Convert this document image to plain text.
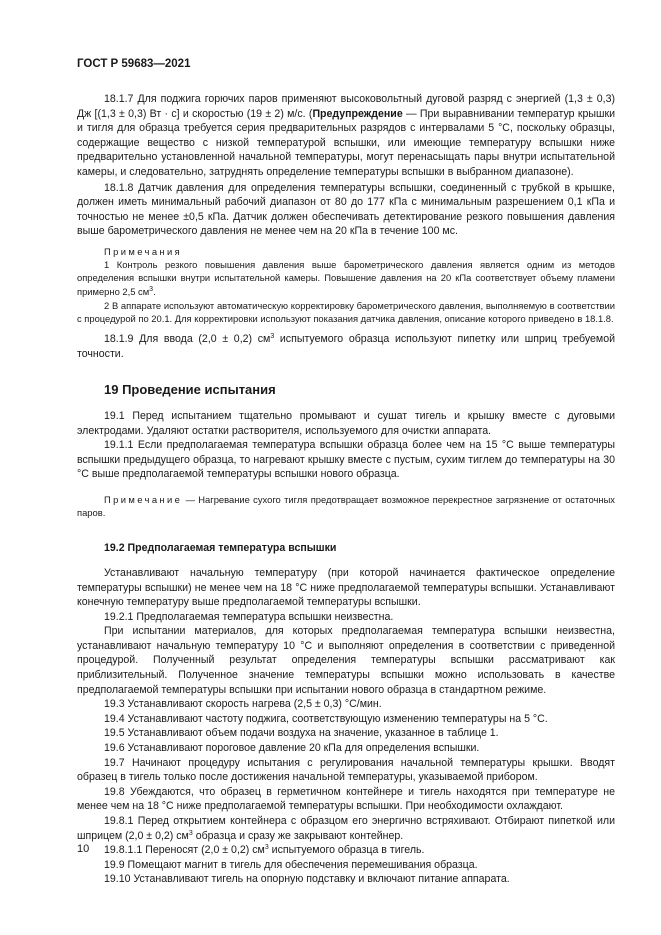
ГОСТ Р 59683—2021

18.1.7 Для поджига горючих паров применяют высоковольтный дуговой разряд с энергией (1,3 ± 0,3) Дж [(1,3 ± 0,3) Вт · с] и скоростью (19 ± 2) м/с. (Предупреждение — При выравнивании температур крышки и тигля для образца требуется серия предварительных разрядов с интервалами 5 °С, поскольку образцы, содержащие вещество с низкой температурой вспышки, или имеющие температуру вспышки ниже предварительно установленной начальной температуры, могут перенасыщать пары внутри испытательной камеры, и следовательно, затруднять определение температуры вспышки в выбранном диапазоне).

18.1.8 Датчик давления для определения температуры вспышки, соединенный с трубкой в крышке, должен иметь минимальный рабочий диапазон от 80 до 177 кПа с минимальным разрешением 0,1 кПа и точностью не менее ±0,5 кПа. Датчик должен обеспечивать детектирование резкого повышения давления выше барометрического давления не менее чем на 20 кПа в течение 100 мс.

Примечания

1 Контроль резкого повышения давления выше барометрического давления является одним из методов определения вспышки внутри испытательной камеры. Повышение давления на 20 кПа соответствует объему пламени примерно 2,5 $см^3$.

2 В аппарате используют автоматическую корректировку барометрического давления, выполняемую в соответствии с процедурой по 20.1. Для корректировки используют показания датчика давления, описание которого приведено в 18.1.8.

18.1.9 Для ввода (2,0 ± 0,2) $см^3$ испытуемого образца используют пипетку или шприц требуемой точности.

19 Проведение испытания

19.1 Перед испытанием тщательно промывают и сушат тигель и крышку вместе с дуговыми электродами. Удаляют остатки растворителя, используемого для очистки аппарата.

19.1.1 Если предполагаемая температура вспышки образца более чем на 15 °С выше температуры вспышки предыдущего образца, то нагревают крышку вместе с пустым, сухим тиглем до температуры на 30 °С выше предполагаемой температуры вспышки нового образца.

Примечание — Нагревание сухого тигля предотвращает возможное перекрестное загрязнение от остаточных паров.

19.2 Предполагаемая температура вспышки

Устанавливают начальную температуру (при которой начинается фактическое определение температуры вспышки) не менее чем на 18 °С ниже предполагаемой температуры вспышки. Устанавливают конечную температуру выше предполагаемой температуры вспышки.

19.2.1 Предполагаемая температура вспышки неизвестна.

При испытании материалов, для которых предполагаемая температура вспышки неизвестна, устанавливают начальную температуру 10 °С и выполняют определения в соответствии с приведенной процедурой. Полученный результат определения температуры вспышки рассматривают как приблизительный. Полученное значение температуры вспышки можно использовать в качестве предполагаемой температуры вспышки при испытании нового образца в стандартном режиме.

19.3 Устанавливают скорость нагрева (2,5 ± 0,3) °С/мин.

19.4 Устанавливают частоту поджига, соответствующую изменению температуры на 5 °С.

19.5 Устанавливают объем подачи воздуха на значение, указанное в таблице 1.

19.6 Устанавливают пороговое давление 20 кПа для определения вспышки.

19.7 Начинают процедуру испытания с регулирования начальной температуры крышки. Вводят образец в тигель только после достижения начальной температуры, указываемой прибором.

19.8 Убеждаются, что образец в герметичном контейнере и тигель находятся при температуре не менее чем на 18 °С ниже предполагаемой температуры вспышки. При необходимости охлаждают.

19.8.1 Перед открытием контейнера с образцом его энергично встряхивают. Отбирают пипеткой или шприцем (2,0 ± 0,2) $см^3$ образца и сразу же закрывают контейнер.

19.8.1.1 Переносят (2,0 ± 0,2) $см^3$ испытуемого образца в тигель.

19.9 Помещают магнит в тигель для обеспечения перемешивания образца.

19.10 Устанавливают тигель на опорную подставку и включают питание аппарата.

10
